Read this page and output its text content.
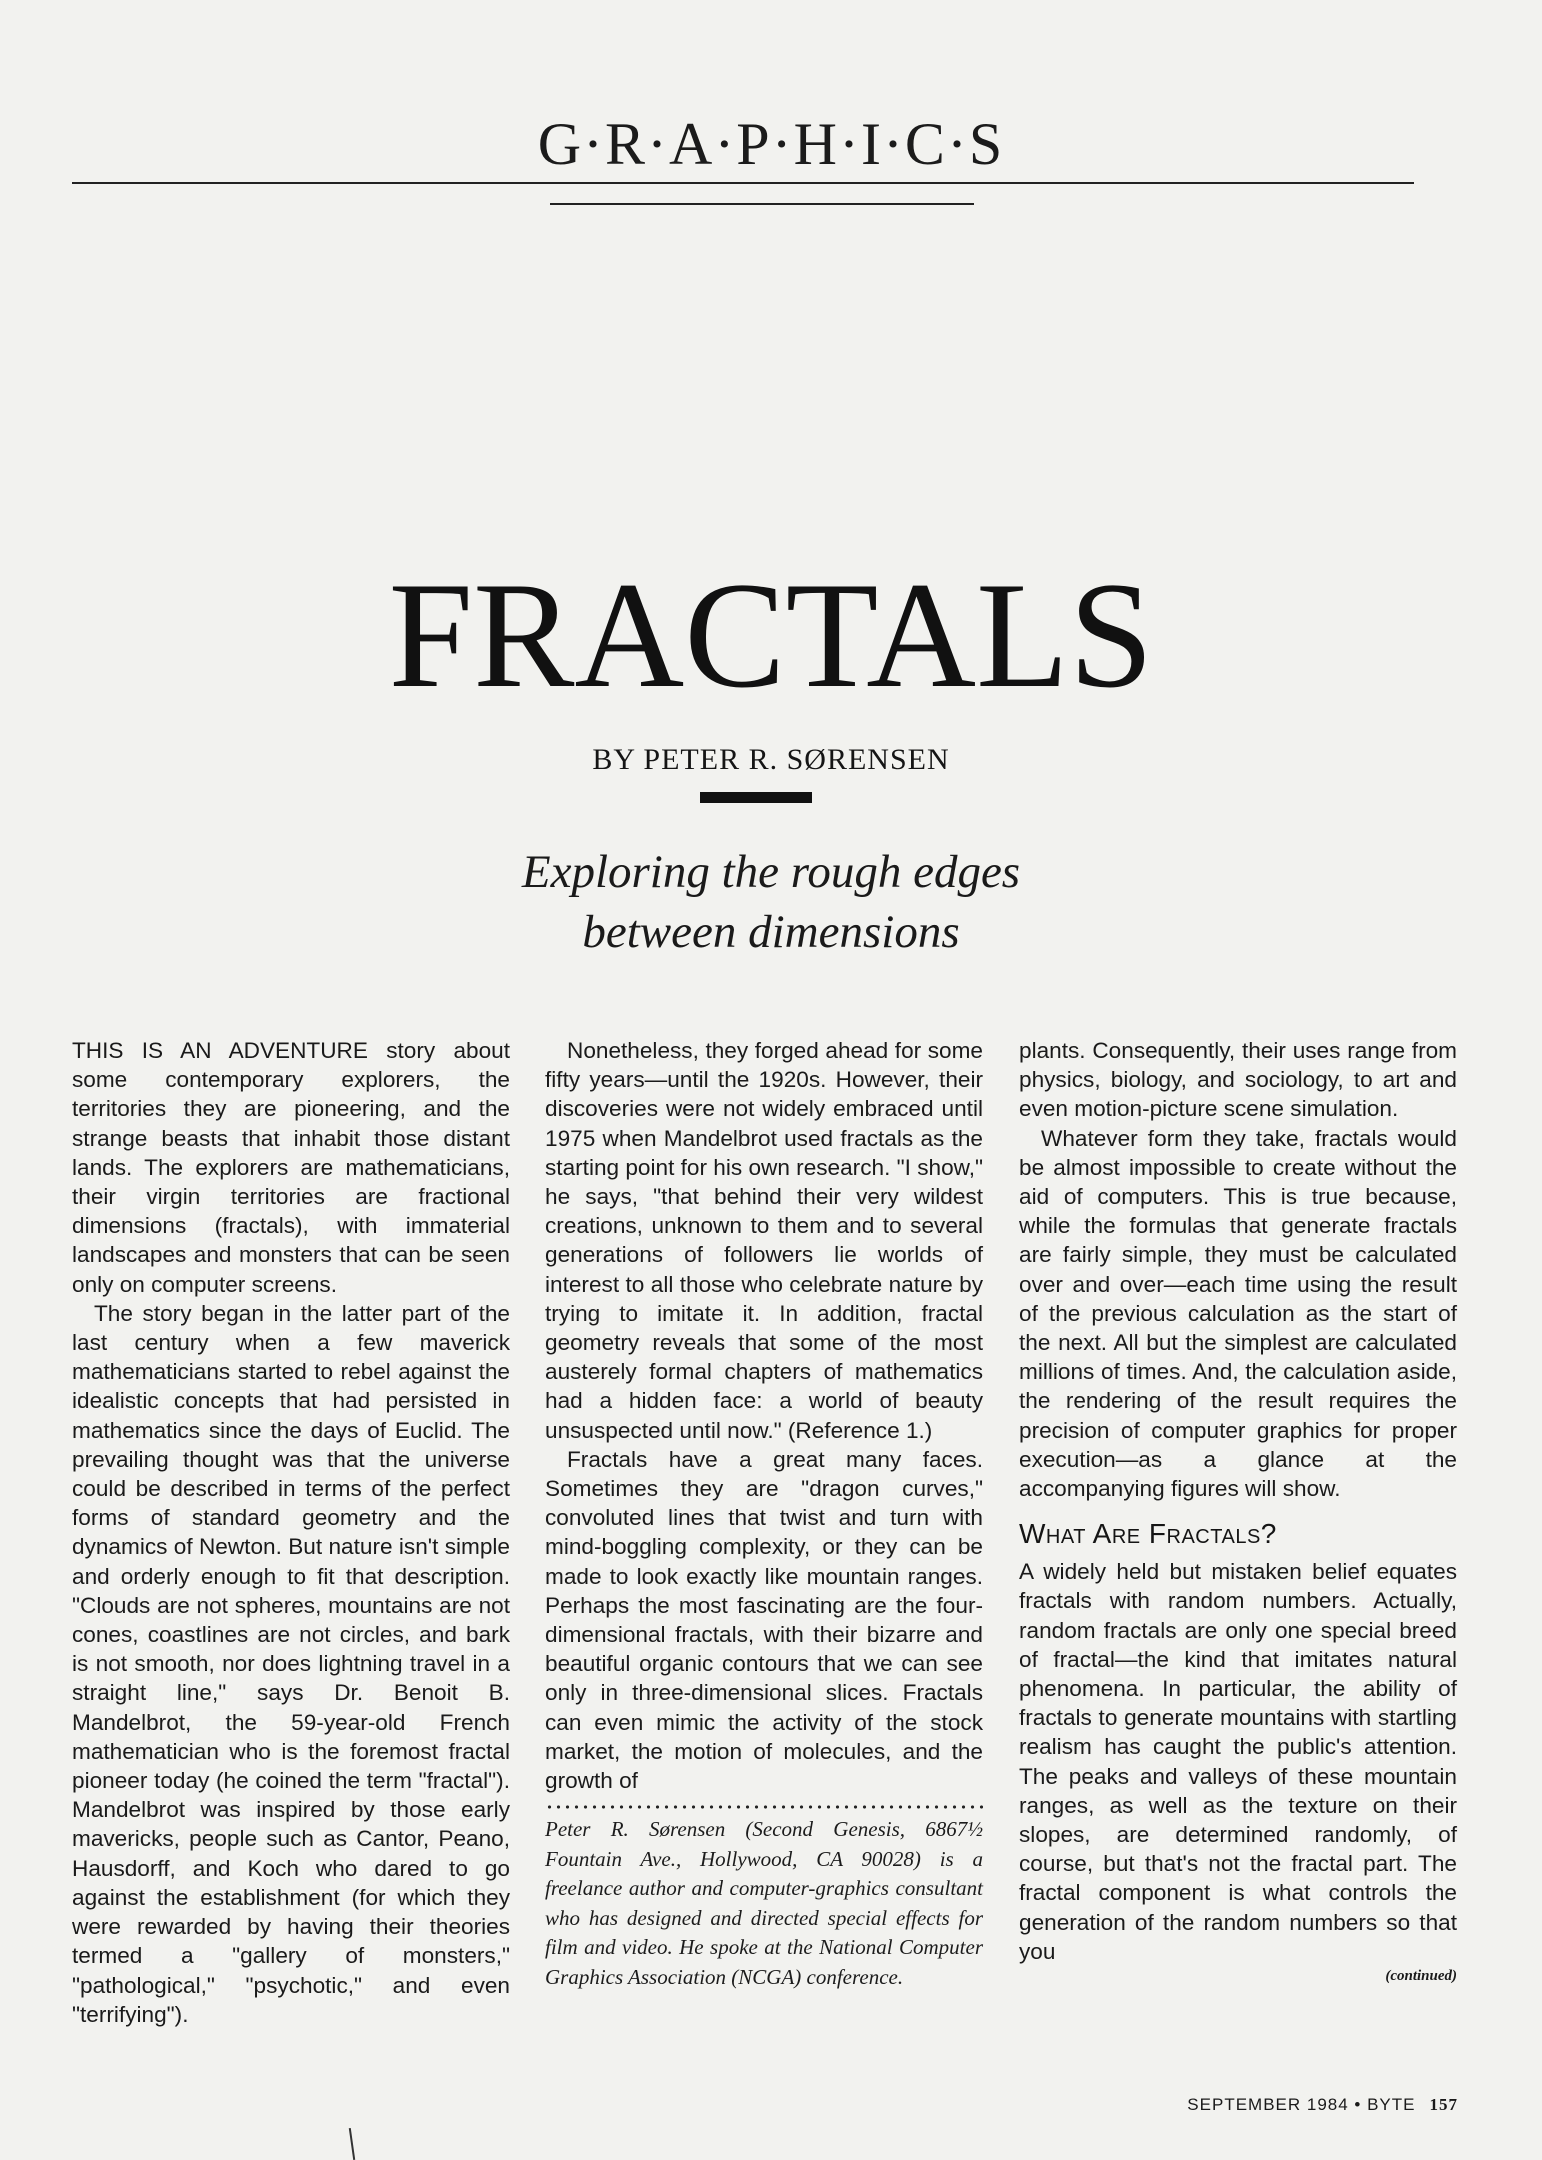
G·R·A·P·H·I·C·S
FRACTALS
BY PETER R. SØRENSEN
Exploring the rough edges
between dimensions

THIS IS AN ADVENTURE story about some contemporary explorers, the territories they are pioneering, and the strange beasts that inhabit those distant lands. The explorers are mathematicians, their virgin territories are fractional dimensions (fractals), with immaterial landscapes and monsters that can be seen only on computer screens.

The story began in the latter part of the last century when a few maverick mathematicians started to rebel against the idealistic concepts that had persisted in mathematics since the days of Euclid. The prevailing thought was that the universe could be described in terms of the perfect forms of standard geometry and the dynamics of Newton. But nature isn't simple and orderly enough to fit that description. "Clouds are not spheres, mountains are not cones, coastlines are not circles, and bark is not smooth, nor does lightning travel in a straight line," says Dr. Benoit B. Mandelbrot, the 59-year-old French mathematician who is the foremost fractal pioneer today (he coined the term "fractal"). Mandelbrot was inspired by those early mavericks, people such as Cantor, Peano, Hausdorff, and Koch who dared to go against the establishment (for which they were rewarded by having their theories termed a "gallery of monsters," "pathological," "psychotic," and even "terrifying").

Nonetheless, they forged ahead for some fifty years—until the 1920s. However, their discoveries were not widely embraced until 1975 when Mandelbrot used fractals as the starting point for his own research. "I show," he says, "that behind their very wildest creations, unknown to them and to several generations of followers lie worlds of interest to all those who celebrate nature by trying to imitate it. In addition, fractal geometry reveals that some of the most austerely formal chapters of mathematics had a hidden face: a world of beauty unsuspected until now." (Reference 1.)

Fractals have a great many faces. Sometimes they are "dragon curves," convoluted lines that twist and turn with mind-boggling complexity, or they can be made to look exactly like mountain ranges. Perhaps the most fascinating are the four-dimensional fractals, with their bizarre and beautiful organic contours that we can see only in three-dimensional slices. Fractals can even mimic the activity of the stock market, the motion of molecules, and the growth of

Peter R. Sørensen (Second Genesis, 6867½ Fountain Ave., Hollywood, CA 90028) is a freelance author and computer-graphics consultant who has designed and directed special effects for film and video. He spoke at the National Computer Graphics Association (NCGA) conference.

plants. Consequently, their uses range from physics, biology, and sociology, to art and even motion-picture scene simulation.

Whatever form they take, fractals would be almost impossible to create without the aid of computers. This is true because, while the formulas that generate fractals are fairly simple, they must be calculated over and over—each time using the result of the previous calculation as the start of the next. All but the simplest are calculated millions of times. And, the calculation aside, the rendering of the result requires the precision of computer graphics for proper execution—as a glance at the accompanying figures will show.

What Are Fractals?

A widely held but mistaken belief equates fractals with random numbers. Actually, random fractals are only one special breed of fractal—the kind that imitates natural phenomena. In particular, the ability of fractals to generate mountains with startling realism has caught the public's attention. The peaks and valleys of these mountain ranges, as well as the texture on their slopes, are determined randomly, of course, but that's not the fractal part. The fractal component is what controls the generation of the random numbers so that you

(continued)
SEPTEMBER 1984 • BYTE 157
